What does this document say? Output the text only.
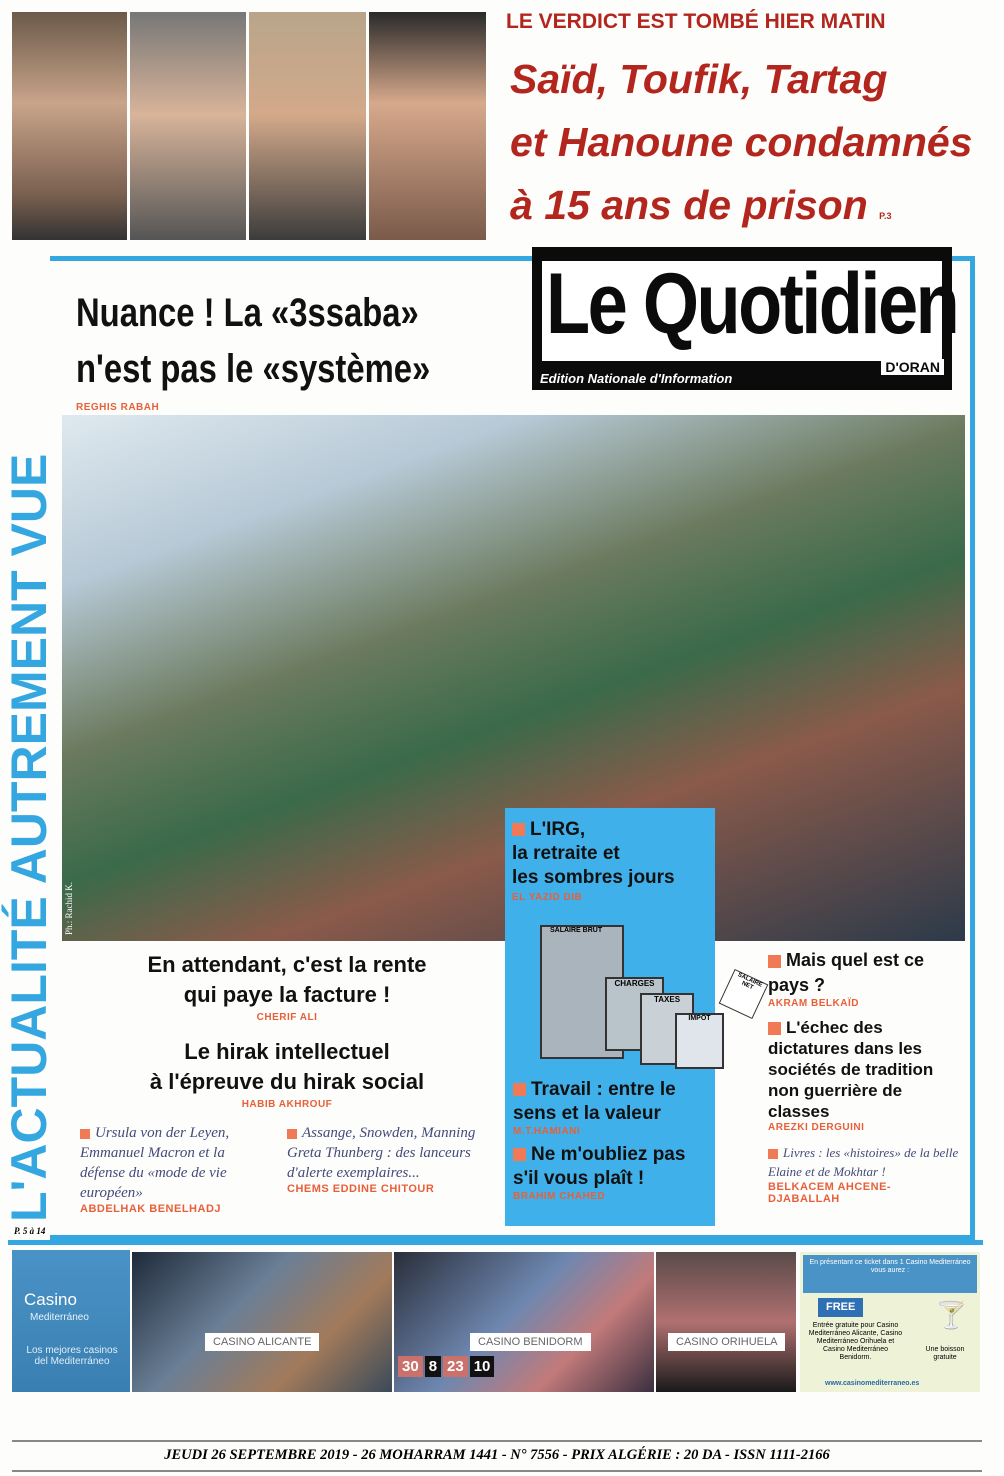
LE VERDICT EST TOMBÉ HIER MATIN
Saïd, Toufik, Tartag
et Hanoune condamnés
à 15 ans de prison P.3
L'ACTUALITÉ AUTREMENT VUE
Le Quotidien
Edition Nationale d'Information
D'ORAN
Nuance ! La «3ssaba»
n'est pas le «système»
REGHIS RABAH
Ph.: Rachid K.
L'IRG,
la retraite et
les sombres jours
EL YAZID DIB
SALAIRE BRUT
CHARGES
TAXES
IMPÔT
SALAIRE NET
En attendant, c'est la rente
qui paye la facture !
CHERIF ALI
Le hirak intellectuel
à l'épreuve du hirak social
HABIB AKHROUF
Ursula von der Leyen, Emmanuel Macron et la défense du «mode de vie européen»
ABDELHAK BENELHADJ
Assange, Snowden, Manning Greta Thunberg : des lanceurs d'alerte exemplaires...
CHEMS EDDINE CHITOUR
Travail : entre le sens et la valeur
M.T.HAMIANI
Ne m'oubliez pas s'il vous plaît !
BRAHIM CHAHED
Mais quel est ce pays ?
AKRAM BELKAÏD
L'échec des dictatures dans les sociétés de tradition non guerrière de classes
AREZKI DERGUINI
Livres : les «histoires» de la belle Elaine et de Mokhtar !
BELKACEM AHCENE-DJABALLAH
P. 5 à 14
Casino
Mediterráneo
Los mejores casinos del Mediterráneo
CASINO ALICANTE	CASINO BENIDORM
30 8 23 10
CASINO ORIHUELA
En présentant ce ticket dans 1 Casino Mediterráneo vous aurez :
FREE
Entrée gratuite pour Casino Mediterráneo Alicante, Casino Mediterráneo Orihuela et Casino Mediterráneo Benidorm.
🍸
Une boisson gratuite
www.casinomediterraneo.es
JEUDI 26 SEPTEMBRE 2019 - 26 MOHARRAM 1441 - N° 7556 - PRIX ALGÉRIE : 20 DA - ISSN 1111-2166
